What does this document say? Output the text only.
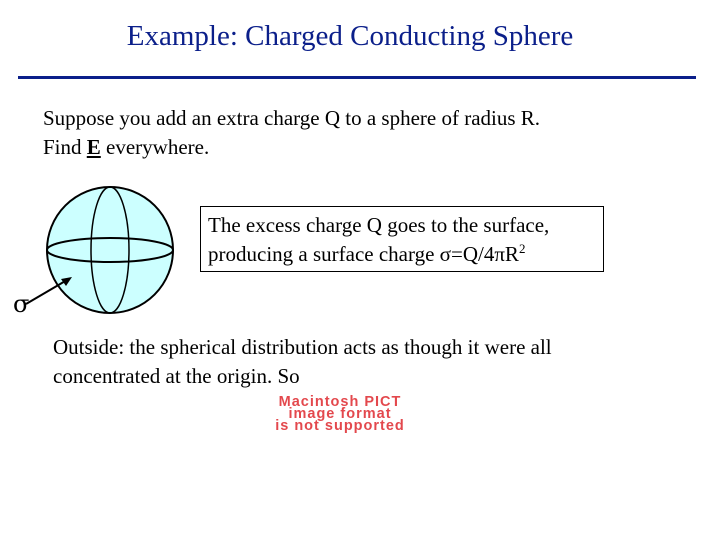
Example: Charged Conducting Sphere
Suppose you add an extra charge Q to a sphere of radius R.
Find E everywhere.
σ
The excess charge Q goes to the surface,
producing a surface charge $\sigma=Q/4\pi R^2$
Outside: the spherical distribution acts as though it were all
concentrated at the origin. So
Macintosh PICT
image format
is not supported
